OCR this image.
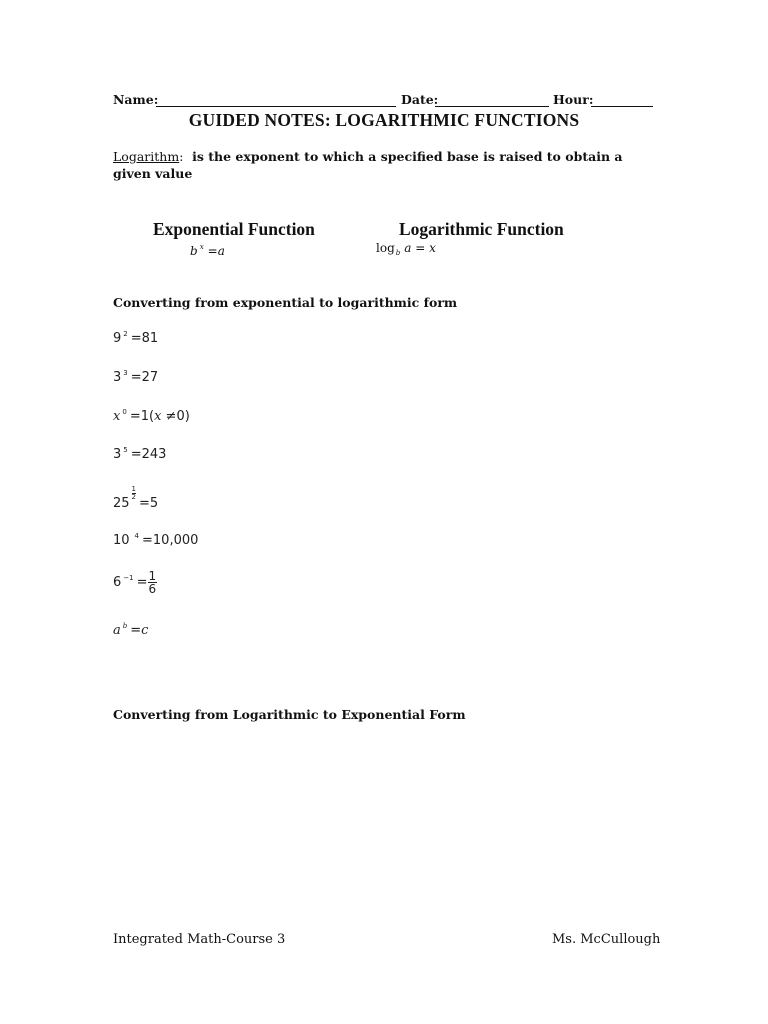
Name:	Date:	Hour:
GUIDED NOTES: LOGARITHMIC FUNCTIONS
Logarithm: is the exponent to which a specified base is raised to obtain a given value
Exponential Function	Logarithmic Function
b $^x$ =a	$\log_b a = x$
Converting from exponential to logarithmic form
9 $^2$ =81
3 $^3$ =27
x $^0$ =1(x ≠0)
3 $^5$ =243
25
$\frac{1}{2}$
=5
10 $^4$ =10,000
6 $^{-1} = \frac{1}{6}$
a $^b$ =c
Converting from Logarithmic to Exponential Form
Integrated Math-Course 3	Ms. McCullough
